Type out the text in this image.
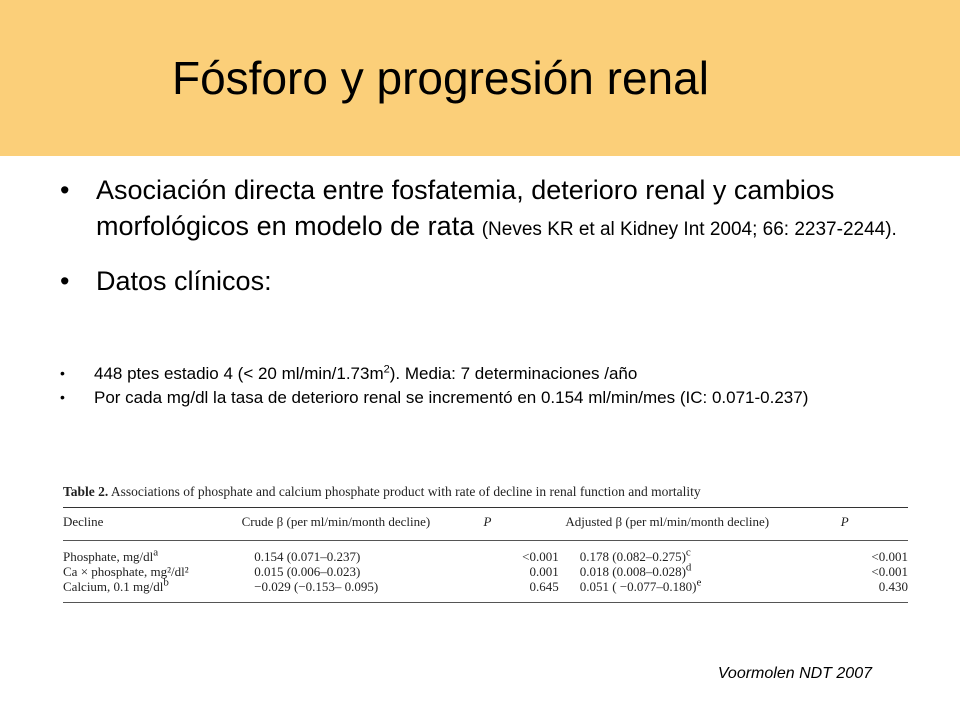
Fósforo y progresión renal
• Asociación directa entre fosfatemia, deterioro renal y cambios morfológicos en modelo de rata (Neves KR et al Kidney Int 2004; 66: 2237-2244).
• Datos clínicos:
• 448 ptes estadio 4 (< 20 $ml/\min/1.73m^2$). Media: 7 determinaciones /año
• Por cada mg/dl la tasa de deterioro renal se incrementó en 0.154 ml/min/mes (IC: 0.071-0.237)
Table 2. Associations of phosphate and calcium phosphate product with rate of decline in renal function and mortality
Decline	Crude β (per ml/min/month decline)	P	Adjusted β (per ml/min/month decline)	P
Phosphate, $mg/dl^a$	0.154 (0.071–0.237)	<0.001	0.178 $(0.082-0.275)^c$	<0.001
Ca × phosphate, mg²/dl²	0.015 (0.006–0.023)	0.001	0.018 $(0.008-0.028)^d$	<0.001
Calcium, 0.1 $mg/dl^b$	−0.029 (−0.153– 0.095)	0.645	0.051 ( −0.077–0.180)$^e$	0.430
Voormolen NDT 2007
